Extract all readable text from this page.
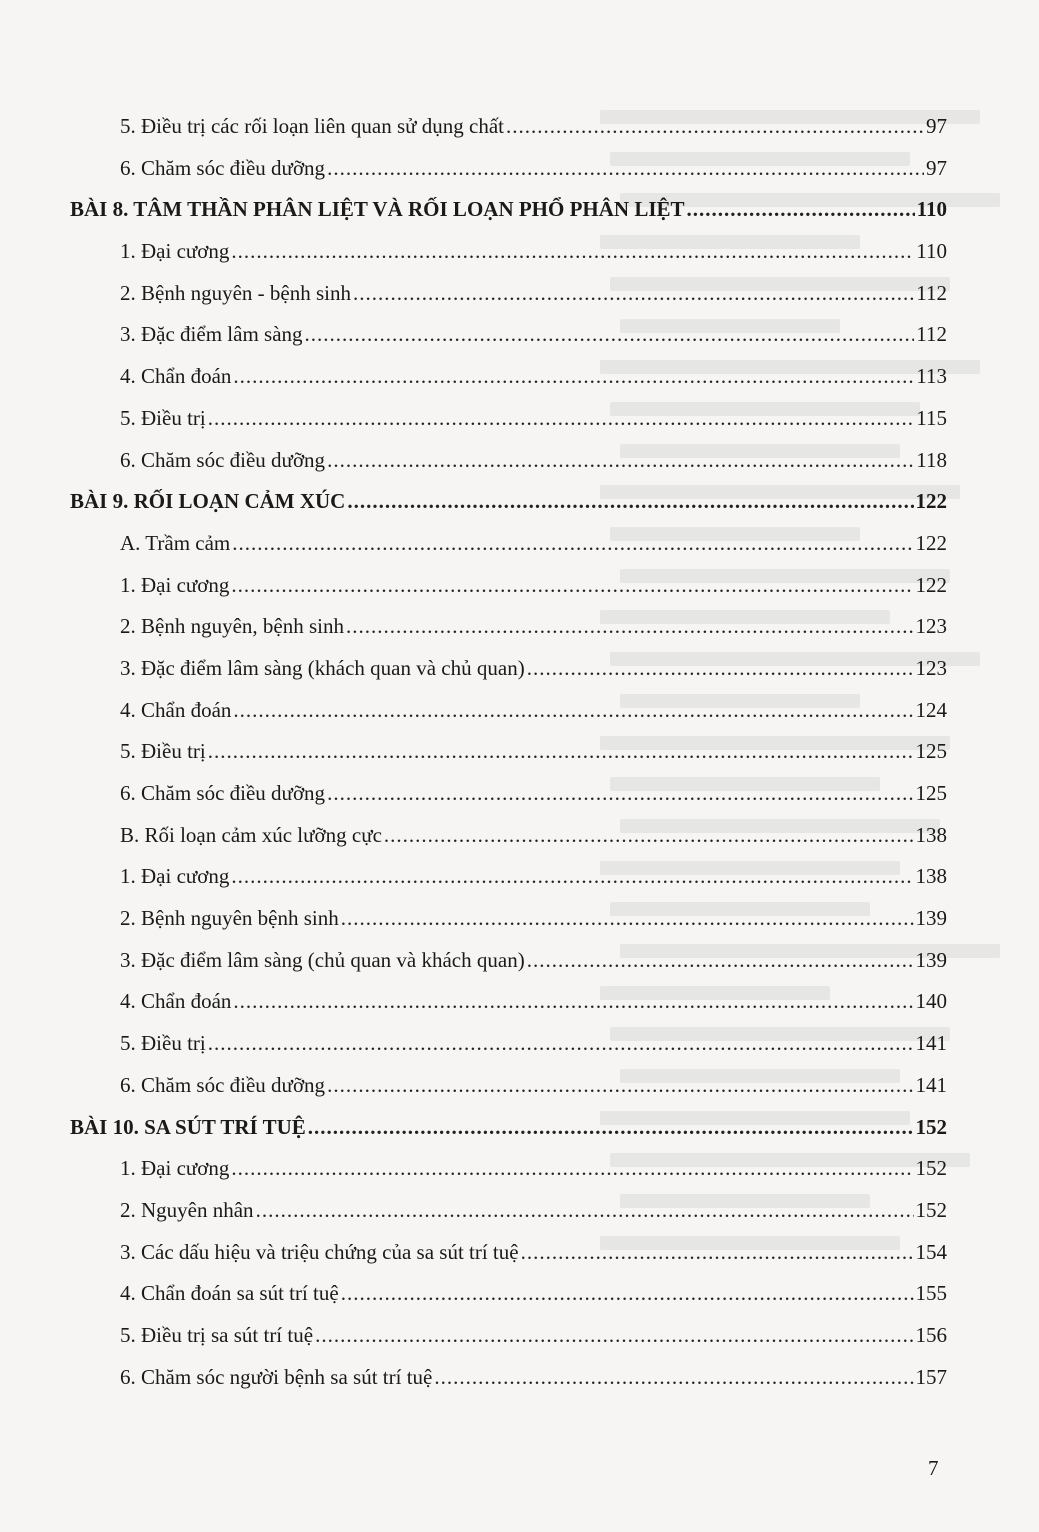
5. Điều trị các rối loạn liên quan sử dụng chất .....	97
6. Chăm sóc điều dưỡng .....	97
BÀI 8. TÂM THẦN PHÂN LIỆT VÀ RỐI LOẠN PHỔ PHÂN LIỆT .....	110
1. Đại cương .....	110
2. Bệnh nguyên - bệnh sinh .....	112
3. Đặc điểm lâm sàng .....	112
4. Chẩn đoán .....	113
5. Điều trị .....	115
6. Chăm sóc điều dưỡng .....	118
BÀI 9. RỐI LOẠN CẢM XÚC .....	122
A. Trầm cảm .....	122
1. Đại cương .....	122
2. Bệnh nguyên, bệnh sinh .....	123
3. Đặc điểm lâm sàng (khách quan và chủ quan) .....	123
4. Chẩn đoán .....	124
5. Điều trị .....	125
6. Chăm sóc điều dưỡng .....	125
B. Rối loạn cảm xúc lưỡng cực .....	138
1. Đại cương .....	138
2. Bệnh nguyên bệnh sinh .....	139
3. Đặc điểm lâm sàng (chủ quan và khách quan) .....	139
4. Chẩn đoán .....	140
5. Điều trị .....	141
6. Chăm sóc điều dưỡng .....	141
BÀI 10. SA SÚT TRÍ TUỆ .....	152
1. Đại cương .....	152
2. Nguyên nhân .....	152
3. Các dấu hiệu và triệu chứng của sa sút trí tuệ .....	154
4. Chẩn đoán sa sút trí tuệ .....	155
5. Điều trị sa sút trí tuệ .....	156
6. Chăm sóc người bệnh sa sút trí tuệ .....	157
7
